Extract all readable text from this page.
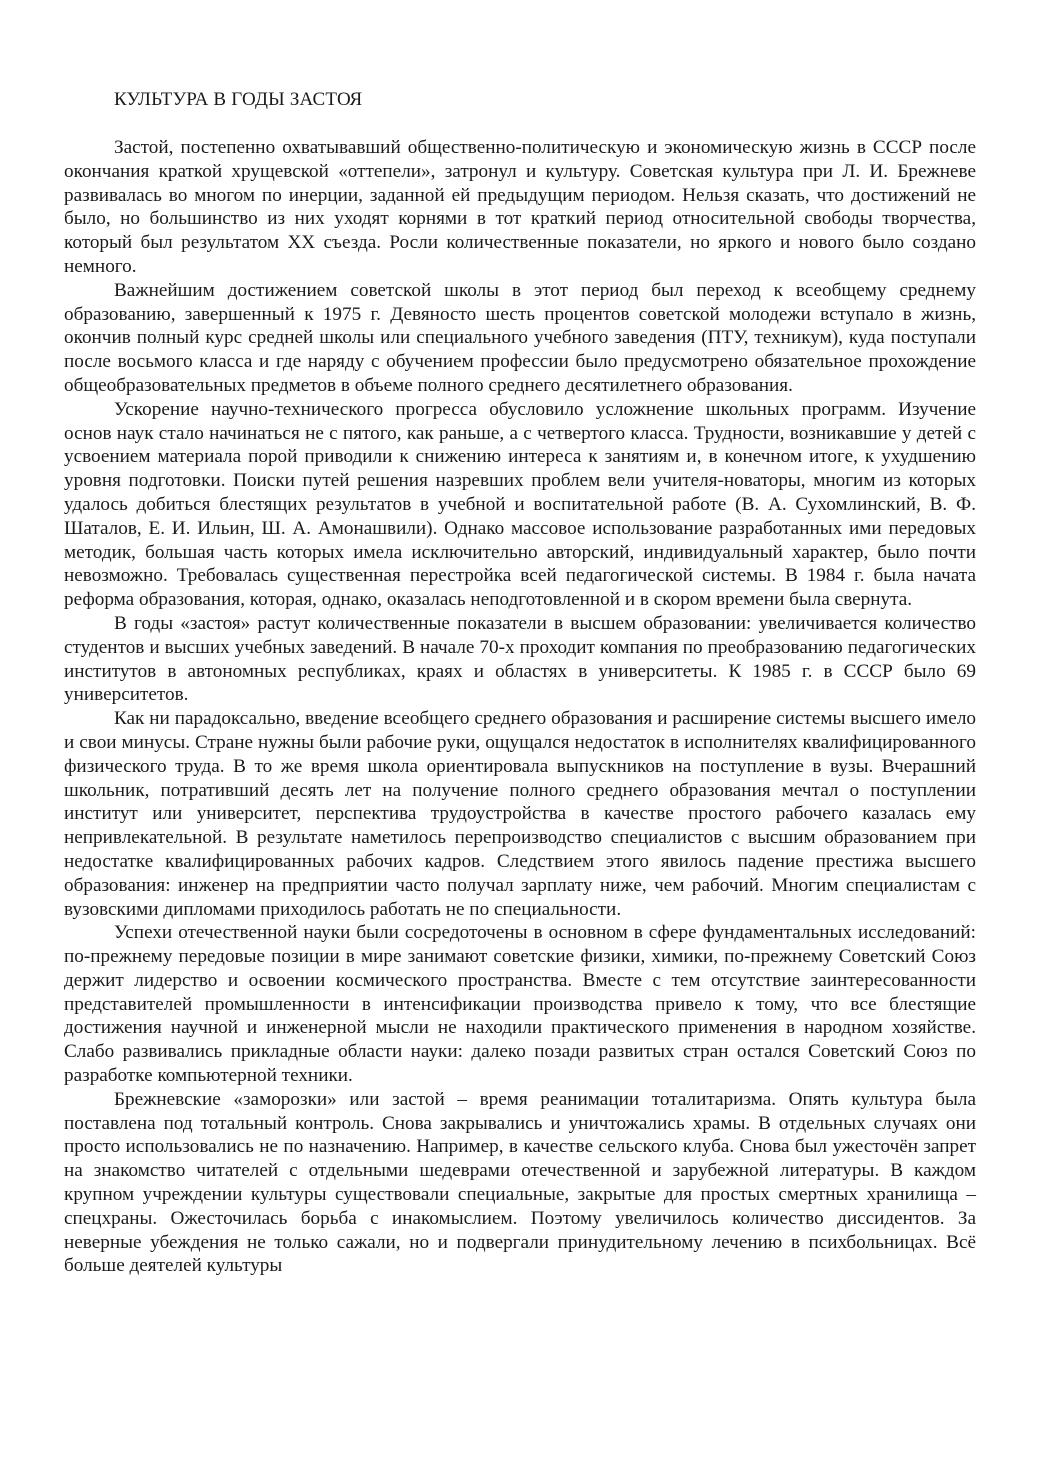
КУЛЬТУРА В ГОДЫ ЗАСТОЯ

Застой, постепенно охватывавший общественно-политическую и экономическую жизнь в СССР после окончания краткой хрущевской «оттепели», затронул и культуру. Советская культура при Л. И. Брежневе развивалась во многом по инерции, заданной ей предыдущим периодом. Нельзя сказать, что достижений не было, но большинство из них уходят корнями в тот краткий период относительной свободы творчества, который был результатом XX съезда. Росли количественные показатели, но яркого и нового было создано немного.

Важнейшим достижением советской школы в этот период был переход к всеобщему среднему образованию, завершенный к 1975 г. Девяносто шесть процентов советской молодежи вступало в жизнь, окончив полный курс средней школы или специального учебного заведения (ПТУ, техникум), куда поступали после восьмого класса и где наряду с обучением профессии было предусмотрено обязательное прохождение общеобразовательных предметов в объеме полного среднего десятилетнего образования.

Ускорение научно-технического прогресса обусловило усложнение школьных программ. Изучение основ наук стало начинаться не с пятого, как раньше, а с четвертого класса. Трудности, возникавшие у детей с усвоением материала порой приводили к снижению интереса к занятиям и, в конечном итоге, к ухудшению уровня подготовки. Поиски путей решения назревших проблем вели учителя-новаторы, многим из которых удалось добиться блестящих результатов в учебной и воспитательной работе (В. А. Сухомлинский, В. Ф. Шаталов, Е. И. Ильин, Ш. А. Амонашвили). Однако массовое использование разработанных ими передовых методик, большая часть которых имела исключительно авторский, индивидуальный характер, было почти невозможно. Требовалась существенная перестройка всей педагогической системы. В 1984 г. была начата реформа образования, которая, однако, оказалась неподготовленной и в скором времени была свернута.

В годы «застоя» растут количественные показатели в высшем образовании: увеличивается количество студентов и высших учебных заведений. В начале 70-х проходит компания по преобразованию педагогических институтов в автономных республиках, краях и областях в университеты. К 1985 г. в СССР было 69 университетов.

Как ни парадоксально, введение всеобщего среднего образования и расширение системы высшего имело и свои минусы. Стране нужны были рабочие руки, ощущался недостаток в исполнителях квалифицированного физического труда. В то же время школа ориентировала выпускников на поступление в вузы. Вчерашний школьник, потративший десять лет на получение полного среднего образования мечтал о поступлении институт или университет, перспектива трудоустройства в качестве простого рабочего казалась ему непривлекательной. В результате наметилось перепроизводство специалистов с высшим образованием при недостатке квалифицированных рабочих кадров. Следствием этого явилось падение престижа высшего образования: инженер на предприятии часто получал зарплату ниже, чем рабочий. Многим специалистам с вузовскими дипломами приходилось работать не по специальности.

Успехи отечественной науки были сосредоточены в основном в сфере фундаментальных исследований: по-прежнему передовые позиции в мире занимают советские физики, химики, по-прежнему Советский Союз держит лидерство и освоении космического пространства. Вместе с тем отсутствие заинтересованности представителей промышленности в интенсификации производства привело к тому, что все блестящие достижения научной и инженерной мысли не находили практического применения в народном хозяйстве. Слабо развивались прикладные области науки: далеко позади развитых стран остался Советский Союз по разработке компьютерной техники.

Брежневские «заморозки» или застой – время реанимации тоталитаризма. Опять культура была поставлена под тотальный контроль. Снова закрывались и уничтожались храмы. В отдельных случаях они просто использовались не по назначению. Например, в качестве сельского клуба. Снова был ужесточён запрет на знакомство читателей с отдельными шедеврами отечественной и зарубежной литературы. В каждом крупном учреждении культуры существовали специальные, закрытые для простых смертных хранилища – спецхраны. Ожесточилась борьба с инакомыслием. Поэтому увеличилось количество диссидентов. За неверные убеждения не только сажали, но и подвергали принудительному лечению в психбольницах. Всё больше деятелей культуры
